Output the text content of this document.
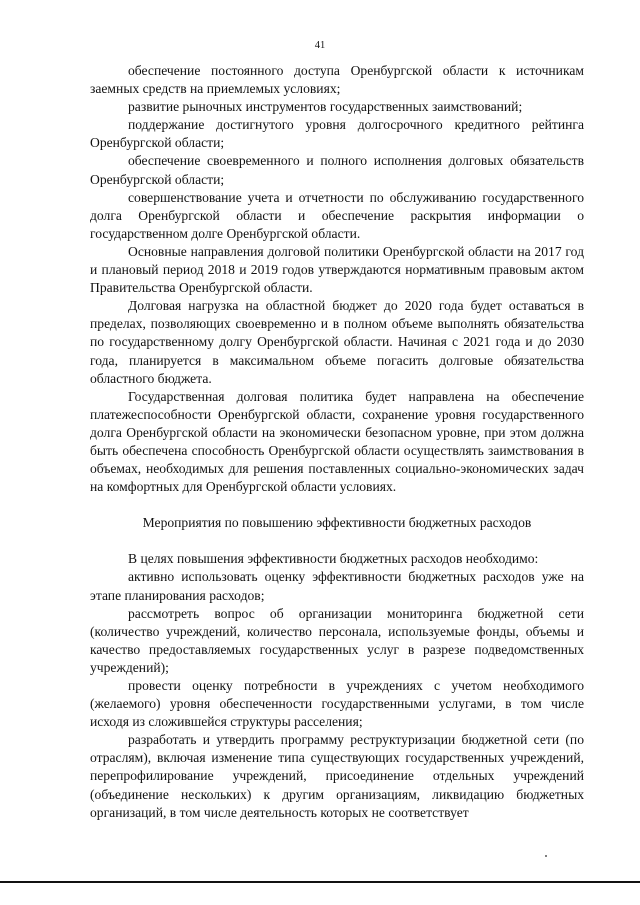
41

обеспечение постоянного доступа Оренбургской области к источникам заемных средств на приемлемых условиях;

развитие рыночных инструментов государственных заимствований;

поддержание достигнутого уровня долгосрочного кредитного рейтинга Оренбургской области;

обеспечение своевременного и полного исполнения долговых обязательств Оренбургской области;

совершенствование учета и отчетности по обслуживанию государственного долга Оренбургской области и обеспечение раскрытия информации о государственном долге Оренбургской области.

Основные направления долговой политики Оренбургской области на 2017 год и плановый период 2018 и 2019 годов утверждаются нормативным правовым актом Правительства Оренбургской области.

Долговая нагрузка на областной бюджет до 2020 года будет оставаться в пределах, позволяющих своевременно и в полном объеме выполнять обязательства по государственному долгу Оренбургской области. Начиная с 2021 года и до 2030 года, планируется в максимальном объеме погасить долговые обязательства областного бюджета.

Государственная долговая политика будет направлена на обеспечение платежеспособности Оренбургской области, сохранение уровня государственного долга Оренбургской области на экономически безопасном уровне, при этом должна быть обеспечена способность Оренбургской области осуществлять заимствования в объемах, необходимых для решения поставленных социально-экономических задач на комфортных для Оренбургской области условиях.

Мероприятия по повышению эффективности бюджетных расходов

В целях повышения эффективности бюджетных расходов необходимо:

активно использовать оценку эффективности бюджетных расходов уже на этапе планирования расходов;

рассмотреть вопрос об организации мониторинга бюджетной сети (количество учреждений, количество персонала, используемые фонды, объемы и качество предоставляемых государственных услуг в разрезе подведомственных учреждений);

провести оценку потребности в учреждениях с учетом необходимого (желаемого) уровня обеспеченности государственными услугами, в том числе исходя из сложившейся структуры расселения;

разработать и утвердить программу реструктуризации бюджетной сети (по отраслям), включая изменение типа существующих государственных учреждений, перепрофилирование учреждений, присоединение отдельных учреждений (объединение нескольких) к другим организациям, ликвидацию бюджетных организаций, в том числе деятельность которых не соответствует
